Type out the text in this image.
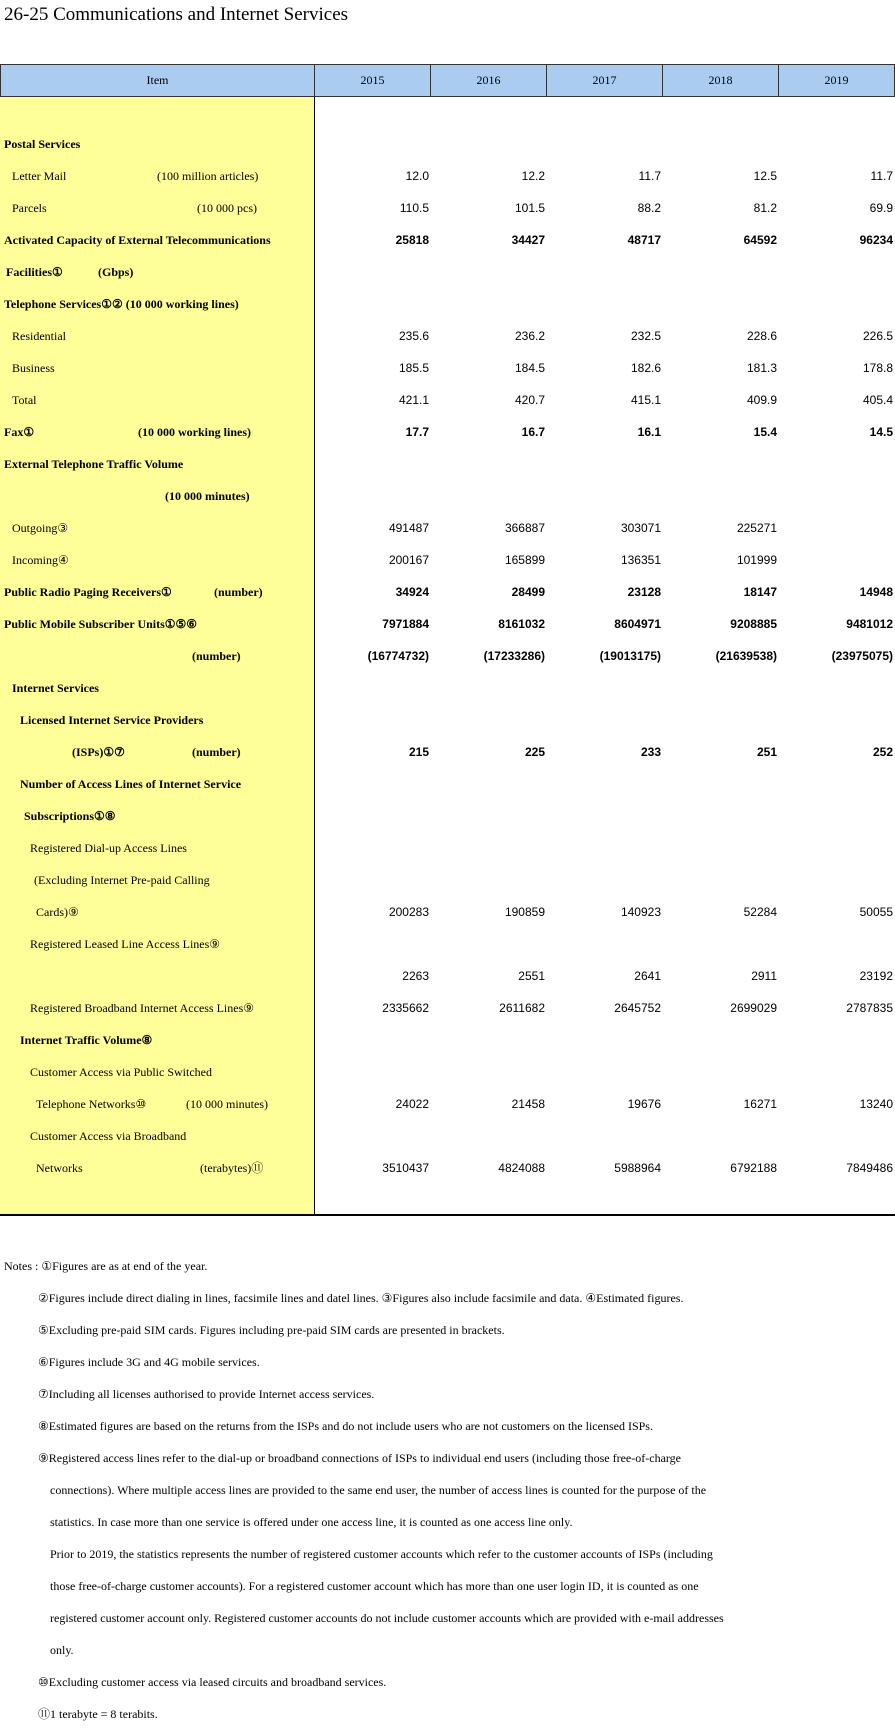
26-25 Communications and Internet Services
Item	2015	2016	2017	2018	2019
Postal Services
Letter Mail	(100 million articles)	12.0	12.2	11.7	12.5	11.7
Parcels	(10 000 pcs)	110.5	101.5	88.2	81.2	69.9
Activated Capacity of External Telecommunications	25818	34427	48717	64592	96234
Facilities①	(Gbps)
Telephone Services①② (10 000 working lines)
Residential	235.6	236.2	232.5	228.6	226.5
Business	185.5	184.5	182.6	181.3	178.8
Total	421.1	420.7	415.1	409.9	405.4
Fax①	(10 000 working lines)	17.7	16.7	16.1	15.4	14.5
External Telephone Traffic Volume
(10 000 minutes)
Outgoing③	491487	366887	303071	225271
Incoming④	200167	165899	136351	101999
Public Radio Paging Receivers①	(number)	34924	28499	23128	18147	14948
Public Mobile Subscriber Units①⑤⑥	7971884	8161032	8604971	9208885	9481012
(number)	(16774732)	(17233286)	(19013175)	(21639538)	(23975075)
Internet Services
Licensed Internet Service Providers
(ISPs)①⑦	(number)	215	225	233	251	252
Number of Access Lines of Internet Service
Subscriptions①⑧
Registered Dial-up Access Lines
(Excluding Internet Pre-paid Calling
Cards)⑨	200283	190859	140923	52284	50055
Registered Leased Line Access Lines⑨
2263	2551	2641	2911	23192
Registered Broadband Internet Access Lines⑨	2335662	2611682	2645752	2699029	2787835
Internet Traffic Volume⑧
Customer Access via Public Switched
Telephone Networks⑩	(10 000 minutes)	24022	21458	19676	16271	13240
Customer Access via Broadband
Networks	(terabytes)⑪	3510437	4824088	5988964	6792188	7849486
Notes : ①Figures are as at end of the year.
②Figures include direct dialing in lines, facsimile lines and datel lines. ③Figures also include facsimile and data. ④Estimated figures.
⑤Excluding pre-paid SIM cards. Figures including pre-paid SIM cards are presented in brackets.
⑥Figures include 3G and 4G mobile services.
⑦Including all licenses authorised to provide Internet access services.
⑧Estimated figures are based on the returns from the ISPs and do not include users who are not customers on the licensed ISPs.
⑨Registered access lines refer to the dial-up or broadband connections of ISPs to individual end users (including those free-of-charge
connections). Where multiple access lines are provided to the same end user, the number of access lines is counted for the purpose of the
statistics. In case more than one service is offered under one access line, it is counted as one access line only.
Prior to 2019, the statistics represents the number of registered customer accounts which refer to the customer accounts of ISPs (including
those free-of-charge customer accounts). For a registered customer account which has more than one user login ID, it is counted as one
registered customer account only. Registered customer accounts do not include customer accounts which are provided with e-mail addresses
only.
⑩Excluding customer access via leased circuits and broadband services.
⑪1 terabyte = 8 terabits.
